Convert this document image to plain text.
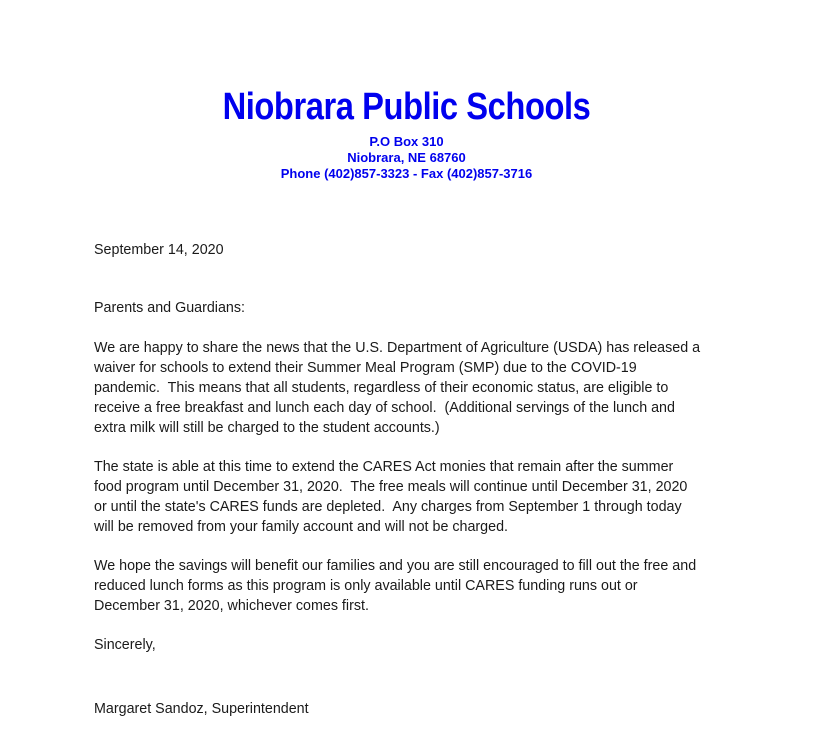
Niobrara Public Schools
P.O Box 310
Niobrara, NE 68760
Phone (402)857-3323 - Fax (402)857-3716

September 14, 2020

Parents and Guardians:

We are happy to share the news that the U.S. Department of Agriculture (USDA) has released a
waiver for schools to extend their Summer Meal Program (SMP) due to the COVID-19
pandemic.  This means that all students, regardless of their economic status, are eligible to
receive a free breakfast and lunch each day of school.  (Additional servings of the lunch and
extra milk will still be charged to the student accounts.)
The state is able at this time to extend the CARES Act monies that remain after the summer
food program until December 31, 2020.  The free meals will continue until December 31, 2020
or until the state's CARES funds are depleted.  Any charges from September 1 through today
will be removed from your family account and will not be charged.
We hope the savings will benefit our families and you are still encouraged to fill out the free and
reduced lunch forms as this program is only available until CARES funding runs out or
December 31, 2020, whichever comes first.

Sincerely,

Margaret Sandoz, Superintendent
